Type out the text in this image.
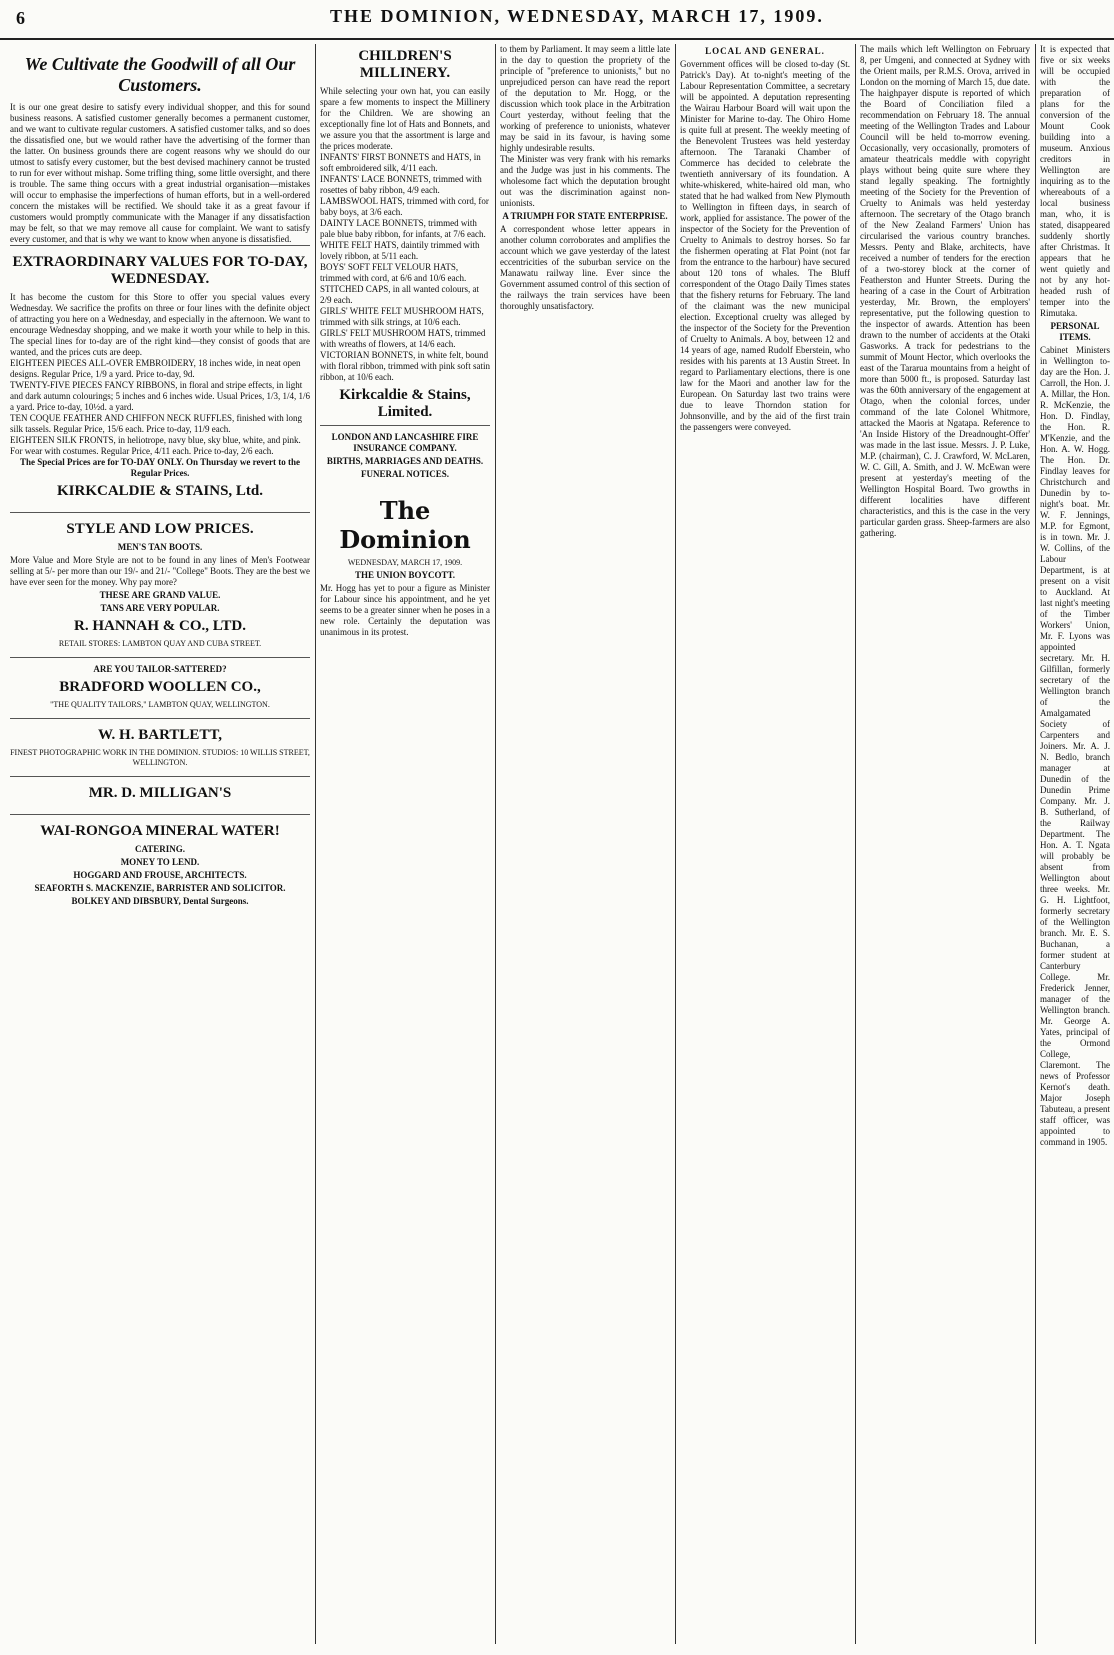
6	THE DOMINION, WEDNESDAY, MARCH 17, 1909.
We Cultivate the Goodwill of all Our Customers.
It is our one great desire to satisfy every individual shopper, and this for sound business reasons. A satisfied customer generally becomes a permanent customer, and we want to cultivate regular customers. A satisfied customer talks, and so does the dissatisfied one, but we would rather have the advertising of the former than the latter. On business grounds there are cogent reasons why we should do our utmost to satisfy every customer, but the best devised machinery cannot be trusted to run for ever without mishap. Some trifling thing, some little oversight, and there is trouble. The same thing occurs with a great industrial organisation—mistakes will occur to emphasise the imperfections of human efforts, but in a well-ordered concern the mistakes will be rectified. We should take it as a great favour if customers would promptly communicate with the Manager if any dissatisfaction may be felt, so that we may remove all cause for complaint. We want to satisfy every customer, and that is why we want to know when anyone is dissatisfied.
EXTRAORDINARY VALUES FOR TO-DAY, WEDNESDAY.
It has become the custom for this Store to offer you special values every Wednesday. We sacrifice the profits on three or four lines with the definite object of attracting you here on a Wednesday, and especially in the afternoon. We want to encourage Wednesday shopping, and we make it worth your while to help in this. The special lines for to-day are of the right kind—they consist of goods that are wanted, and the prices cuts are deep.
EIGHTEEN PIECES ALL-OVER EMBROIDERY, 18 inches wide, in neat open designs. Regular Price, 1/9 a yard. Price to-day, 9d.
TWENTY-FIVE PIECES FANCY RIBBONS, in floral and stripe effects, in light and dark autumn colourings; 5 inches and 6 inches wide. Usual Prices, 1/3, 1/4, 1/6 a yard. Price to-day, 10½d. a yard.
TEN COQUE FEATHER AND CHIFFON NECK RUFFLES, finished with long silk tassels. Regular Price, 15/6 each. Price to-day, 11/9 each.
EIGHTEEN SILK FRONTS, in heliotrope, navy blue, sky blue, white, and pink. For wear with costumes. Regular Price, 4/11 each. Price to-day, 2/6 each.
The Special Prices are for TO-DAY ONLY. On Thursday we revert to the Regular Prices.
KIRKCALDIE & STAINS, Ltd.
STYLE AND LOW PRICES.
MEN'S TAN BOOTS.
More Value and More Style are not to be found in any lines of Men's Footwear selling at 5/- per more than our 19/- and 21/- "College" Boots. They are the best we have ever seen for the money. Why pay more?
THESE ARE GRAND VALUE.
TANS ARE VERY POPULAR.
R. HANNAH & CO., LTD.
RETAIL STORES: LAMBTON QUAY AND CUBA STREET.
ARE YOU TAILOR-SATTERED?
BRADFORD WOOLLEN CO.,
"THE QUALITY TAILORS," LAMBTON QUAY, WELLINGTON.
W. H. BARTLETT,
FINEST PHOTOGRAPHIC WORK IN THE DOMINION. STUDIOS: 10 WILLIS STREET, WELLINGTON.
MR. D. MILLIGAN'S
WAI-RONGOA MINERAL WATER!
CATERING.
MONEY TO LEND.
HOGGARD AND FROUSE, ARCHITECTS.
SEAFORTH S. MACKENZIE, BARRISTER AND SOLICITOR.
BOLKEY AND DIBSBURY, Dental Surgeons.
CHILDREN'S MILLINERY.
While selecting your own hat, you can easily spare a few moments to inspect the Millinery for the Children. We are showing an exceptionally fine lot of Hats and Bonnets, and we assure you that the assortment is large and the prices moderate.
INFANTS' FIRST BONNETS and HATS, in soft embroidered silk, 4/11 each.
INFANTS' LACE BONNETS, trimmed with rosettes of baby ribbon, 4/9 each.
LAMBSWOOL HATS, trimmed with cord, for baby boys, at 3/6 each.
DAINTY LACE BONNETS, trimmed with pale blue baby ribbon, for infants, at 7/6 each.
WHITE FELT HATS, daintily trimmed with lovely ribbon, at 5/11 each.
BOYS' SOFT FELT VELOUR HATS, trimmed with cord, at 6/6 and 10/6 each.
STITCHED CAPS, in all wanted colours, at 2/9 each.
GIRLS' WHITE FELT MUSHROOM HATS, trimmed with silk strings, at 10/6 each.
GIRLS' FELT MUSHROOM HATS, trimmed with wreaths of flowers, at 14/6 each.
VICTORIAN BONNETS, in white felt, bound with floral ribbon, trimmed with pink soft satin ribbon, at 10/6 each.
Kirkcaldie & Stains, Limited.
LONDON AND LANCASHIRE FIRE INSURANCE COMPANY.
BIRTHS, MARRIAGES AND DEATHS.
FUNERAL NOTICES.
The Dominion
WEDNESDAY, MARCH 17, 1909.
THE UNION BOYCOTT.
Mr. Hogg has yet to pour a figure as Minister for Labour since his appointment, and he yet seems to be a greater sinner when he poses in a new role. Certainly the deputation was unanimous in its protest.
to them by Parliament. It may seem a little late in the day to question the propriety of the principle of "preference to unionists," but no unprejudiced person can have read the report of the deputation to Mr. Hogg, or the discussion which took place in the Arbitration Court yesterday, without feeling that the working of preference to unionists, whatever may be said in its favour, is having some highly undesirable results.
The Minister was very frank with his remarks and the Judge was just in his comments. The wholesome fact which the deputation brought out was the discrimination against non-unionists.
A TRIUMPH FOR STATE ENTERPRISE.
A correspondent whose letter appears in another column corroborates and amplifies the account which we gave yesterday of the latest eccentricities of the suburban service on the Manawatu railway line. Ever since the Government assumed control of this section of the railways the train services have been thoroughly unsatisfactory.
LOCAL AND GENERAL.
Government offices will be closed to-day (St. Patrick's Day). At to-night's meeting of the Labour Representation Committee, a secretary will be appointed. A deputation representing the Wairau Harbour Board will wait upon the Minister for Marine to-day. The Ohiro Home is quite full at present. The weekly meeting of the Benevolent Trustees was held yesterday afternoon. The Taranaki Chamber of Commerce has decided to celebrate the twentieth anniversary of its foundation. A white-whiskered, white-haired old man, who stated that he had walked from New Plymouth to Wellington in fifteen days, in search of work, applied for assistance. The power of the inspector of the Society for the Prevention of Cruelty to Animals to destroy horses. So far the fishermen operating at Flat Point (not far from the entrance to the harbour) have secured about 120 tons of whales. The Bluff correspondent of the Otago Daily Times states that the fishery returns for February. The land of the claimant was the new municipal election. Exceptional cruelty was alleged by the inspector of the Society for the Prevention of Cruelty to Animals. A boy, between 12 and 14 years of age, named Rudolf Eberstein, who resides with his parents at 13 Austin Street. In regard to Parliamentary elections, there is one law for the Maori and another law for the European. On Saturday last two trains were due to leave Thorndon station for Johnsonville, and by the aid of the first train the passengers were conveyed.
The mails which left Wellington on February 8, per Umgeni, and connected at Sydney with the Orient mails, per R.M.S. Orova, arrived in London on the morning of March 15, due date. The haighpayer dispute is reported of which the Board of Conciliation filed a recommendation on February 18. The annual meeting of the Wellington Trades and Labour Council will be held to-morrow evening. Occasionally, very occasionally, promoters of amateur theatricals meddle with copyright plays without being quite sure where they stand legally speaking. The fortnightly meeting of the Society for the Prevention of Cruelty to Animals was held yesterday afternoon. The secretary of the Otago branch of the New Zealand Farmers' Union has circularised the various country branches. Messrs. Penty and Blake, architects, have received a number of tenders for the erection of a two-storey block at the corner of Featherston and Hunter Streets. During the hearing of a case in the Court of Arbitration yesterday, Mr. Brown, the employers' representative, put the following question to the inspector of awards. Attention has been drawn to the number of accidents at the Otaki Gasworks. A track for pedestrians to the summit of Mount Hector, which overlooks the east of the Tararua mountains from a height of more than 5000 ft., is proposed. Saturday last was the 60th anniversary of the engagement at Otago, when the colonial forces, under command of the late Colonel Whitmore, attacked the Maoris at Ngatapa. Reference to 'An Inside History of the Dreadnought-Offer' was made in the last issue. Messrs. J. P. Luke, M.P. (chairman), C. J. Crawford, W. McLaren, W. C. Gill, A. Smith, and J. W. McEwan were present at yesterday's meeting of the Wellington Hospital Board. Two growths in different localities have different characteristics, and this is the case in the very particular garden grass. Sheep-farmers are also gathering.
It is expected that five or six weeks will be occupied with the preparation of plans for the conversion of the Mount Cook building into a museum. Anxious creditors in Wellington are inquiring as to the whereabouts of a local business man, who, it is stated, disappeared suddenly shortly after Christmas. It appears that he went quietly and not by any hot-headed rush of temper into the Rimutaka.
PERSONAL ITEMS.
Cabinet Ministers in Wellington to-day are the Hon. J. Carroll, the Hon. J. A. Millar, the Hon. R. McKenzie, the Hon. D. Findlay, the Hon. R. M'Kenzie, and the Hon. A. W. Hogg. The Hon. Dr. Findlay leaves for Christchurch and Dunedin by to-night's boat. Mr. W. F. Jennings, M.P. for Egmont, is in town. Mr. J. W. Collins, of the Labour Department, is at present on a visit to Auckland. At last night's meeting of the Timber Workers' Union, Mr. F. Lyons was appointed secretary. Mr. H. Gilfillan, formerly secretary of the Wellington branch of the Amalgamated Society of Carpenters and Joiners. Mr. A. J. N. Bedlo, branch manager at Dunedin of the Dunedin Prime Company. Mr. J. B. Sutherland, of the Railway Department. The Hon. A. T. Ngata will probably be absent from Wellington about three weeks. Mr. G. H. Lightfoot, formerly secretary of the Wellington branch. Mr. E. S. Buchanan, a former student at Canterbury College. Mr. Frederick Jenner, manager of the Wellington branch. Mr. George A. Yates, principal of the Ormond College, Claremont. The news of Professor Kernot's death. Major Joseph Tabuteau, a present staff officer, was appointed to command in 1905.
